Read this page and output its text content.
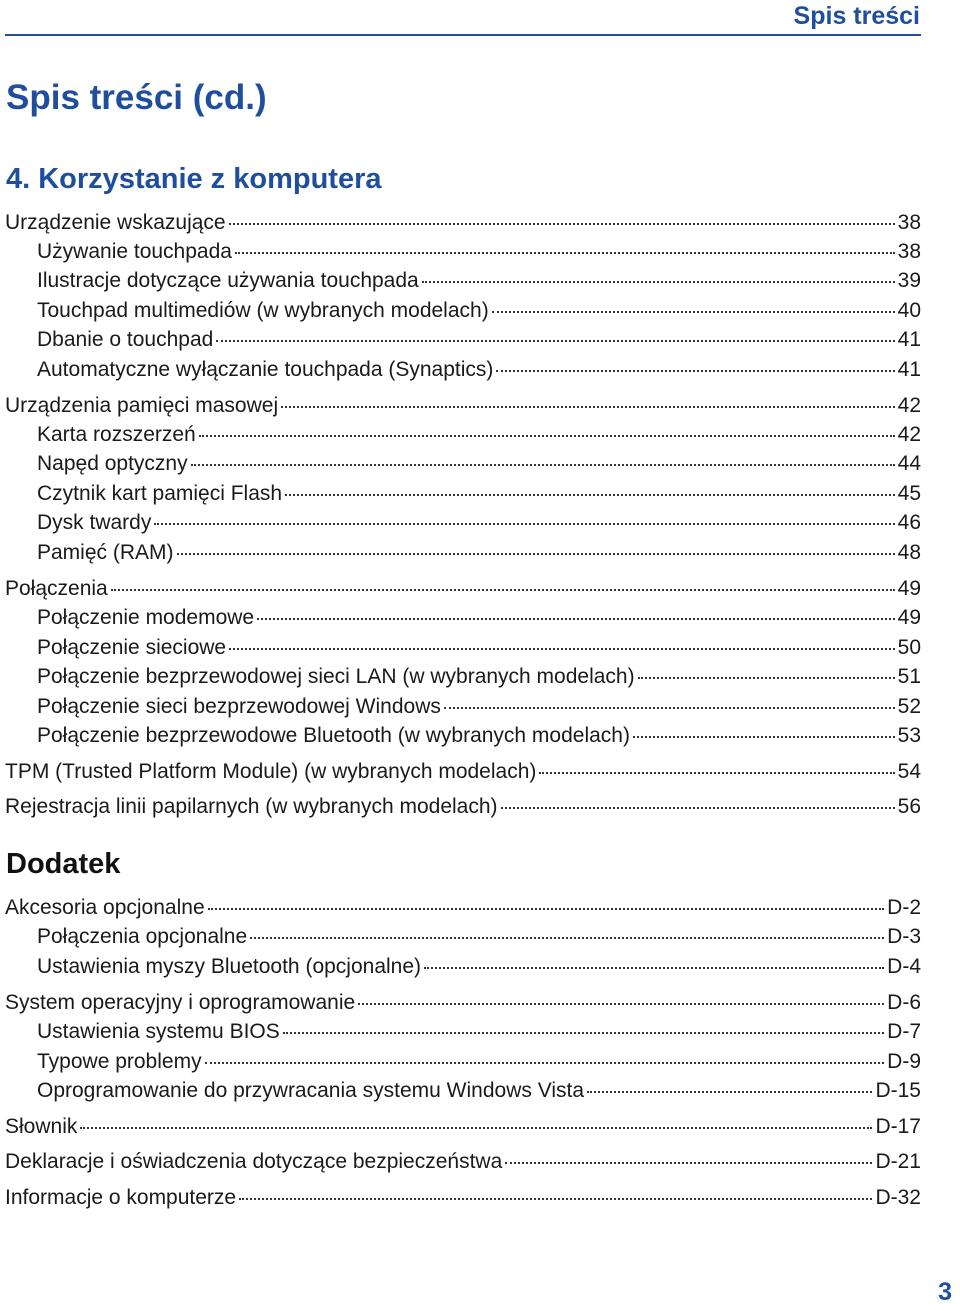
Spis treści
Spis treści (cd.)
4. Korzystanie z komputera
Urządzenie wskazujące	38
Używanie touchpada	38
Ilustracje dotyczące używania touchpada	39
Touchpad multimediów (w wybranych modelach)	40
Dbanie o touchpad	41
Automatyczne wyłączanie touchpada (Synaptics)	41
Urządzenia pamięci masowej	42
Karta rozszerzeń	42
Napęd optyczny	44
Czytnik kart pamięci Flash	45
Dysk twardy	46
Pamięć (RAM)	48
Połączenia	49
Połączenie modemowe	49
Połączenie sieciowe	50
Połączenie bezprzewodowej sieci LAN (w wybranych modelach)	51
Połączenie sieci bezprzewodowej Windows	52
Połączenie bezprzewodowe Bluetooth (w wybranych modelach)	53
TPM (Trusted Platform Module) (w wybranych modelach)	54
Rejestracja linii papilarnych (w wybranych modelach)	56
Dodatek
Akcesoria opcjonalne	D-2
Połączenia opcjonalne	D-3
Ustawienia myszy Bluetooth (opcjonalne)	D-4
System operacyjny i oprogramowanie	D-6
Ustawienia systemu BIOS	D-7
Typowe problemy	D-9
Oprogramowanie do przywracania systemu Windows Vista	D-15
Słownik	D-17
Deklaracje i oświadczenia dotyczące bezpieczeństwa	D-21
Informacje o komputerze	D-32
3
